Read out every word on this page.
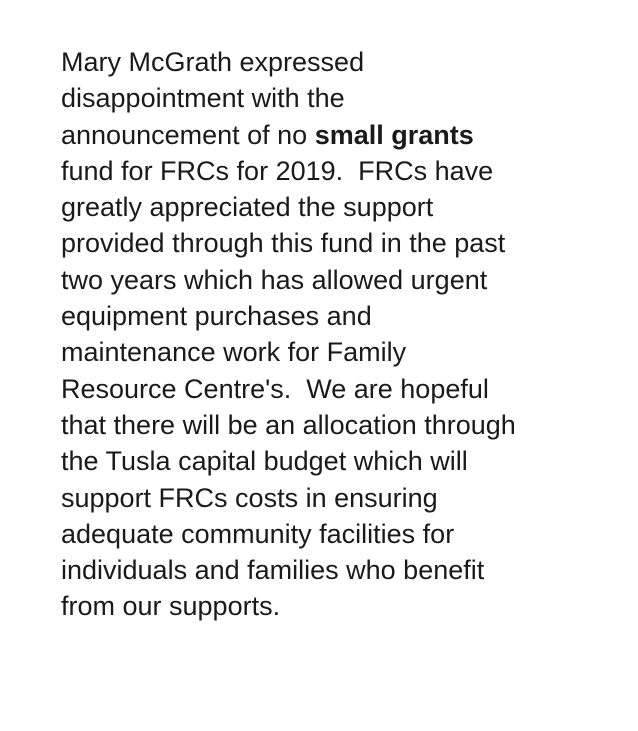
Mary McGrath expressed
disappointment with the
announcement of no small grants
fund for FRCs for 2019.  FRCs have
greatly appreciated the support
provided through this fund in the past
two years which has allowed urgent
equipment purchases and
maintenance work for Family
Resource Centre's.  We are hopeful
that there will be an allocation through
the Tusla capital budget which will
support FRCs costs in ensuring
adequate community facilities for
individuals and families who benefit
from our supports.
